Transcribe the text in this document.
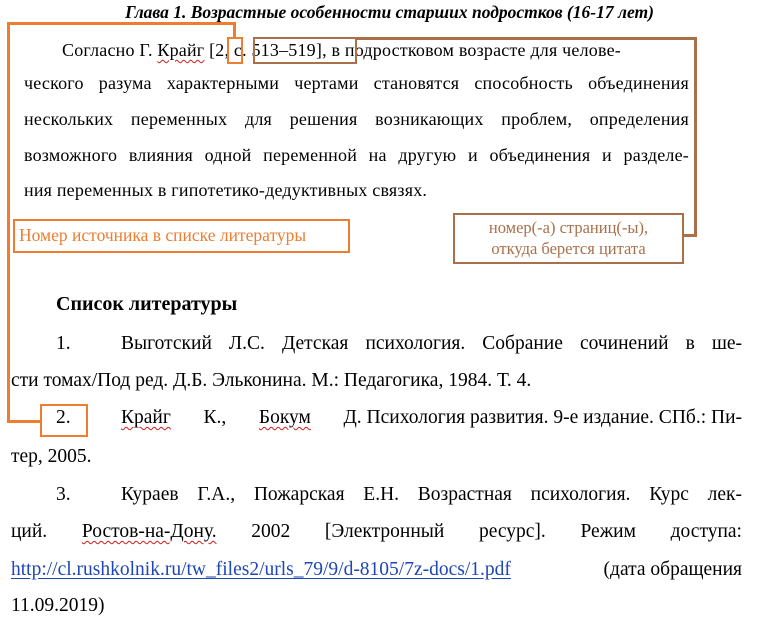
Глава 1. Возрастные особенности старших подростков (16-17 лет)
Согласно Г. Крайг [2, с. 513–519], в подростковом возрасте для челове-
ческого разума характерными чертами становятся способность объединения
нескольких переменных для решения возникающих проблем, определения
возможного влияния одной переменной на другую и объединения и разделе-
ния переменных в гипотетико-дедуктивных связях.
Номер источника в списке литературы	номер(-а) страниц(-ы),
откуда берется цитата
Список литературы
1.	Выготский Л.С. Детская психология. Собрание сочинений в ше-
сти томах/Под ред. Д.Б. Эльконина. М.: Педагогика, 1984. Т. 4.
2.	Крайг К., Бокум Д. Психология развития. 9-е издание. СПб.: Пи-
тер, 2005.
3.	Кураев Г.А., Пожарская Е.Н. Возрастная психология. Курс лек-
ций. Ростов-на-Дону. 2002 [Электронный ресурс]. Режим доступа:
http://cl.rushkolnik.ru/tw_files2/urls_79/9/d-8105/7z-docs/1.pdf	(дата обращения
11.09.2019)
